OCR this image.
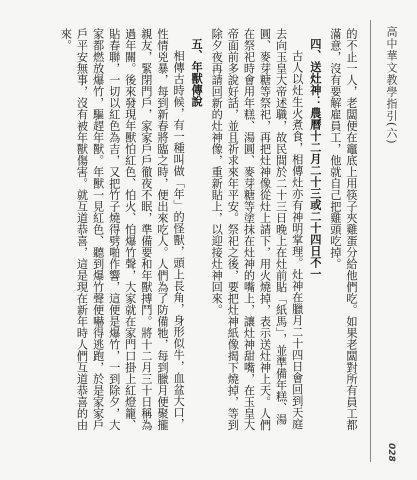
高中華文教學指引(六)
028

的不止一人，老闆便在竈底上用筷子夾雞蛋分給他們吃。如果老闆對所有員工都滿意，沒有要解雇員工，他就自己把雞頭吃掉。

四、送灶神：農曆十二月二十三或二十四日不一

古人以灶生火煮食，相傳灶亦有神明掌理。灶神在臘月二十四日會回到天庭去向玉皇大帝述職，故民間於二十三日晚上在灶前貼「紙馬」，並準備年糕、湯圓、麥芽糖等祭祀，再把灶神像從灶上請下，用火燒掉，表示送灶神上天。人們在祭祀時會用年糕、湯圓、麥芽糖等塗抹在灶神的嘴上，讓灶神甜嘴，在玉皇大帝面前多說好話，並且祈求來年平安。祭祀之後，要把灶神紙像揭下燒掉，等到除夕夜再請回新的灶神像，重新貼上，以迎接灶神回來。

五、年獸傳說

相傳古時候，有一種叫做「年」的怪獸，頭上長角，身形似牛，血盆大口，性情兇暴，每到新春將臨之時，便出來吃人。人們為了防備牠，每到臘月便聚攏親友，緊閉門戶，家家戶戶徹夜不眠，準備要和年獸搏鬥。將十二月三十日稱為過年關。後來發現年獸怕紅色、怕火、怕爆竹聲，大家就在家門口掛上紅燈籠、貼春聯，一切以紅色為吉，又把竹子燒得劈啪作響，這便是爆竹，一到除夕，大家都燃放爆竹，驅趕年獸。年獸一見紅色、聽到爆竹聲便嚇得逃跑，於是家家戶戶平安無事，沒有被年獸傷害。就互道恭喜，這是現在新年時人們互道恭喜的由來。
